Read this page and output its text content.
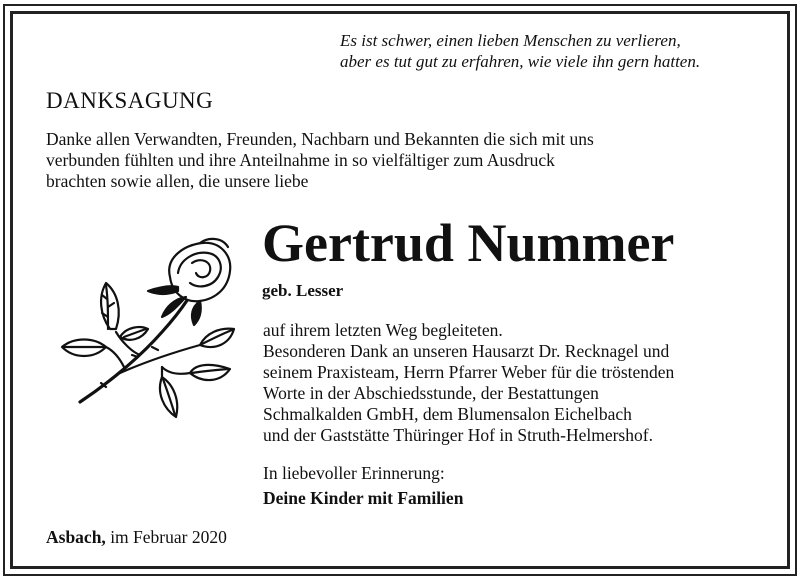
Es ist schwer, einen lieben Menschen zu verlieren,
aber es tut gut zu erfahren, wie viele ihn gern hatten.
DANKSAGUNG
Danke allen Verwandten, Freunden, Nachbarn und Bekannten die sich mit uns
verbunden fühlten und ihre Anteilnahme in so vielfältiger zum Ausdruck
brachten sowie allen, die unsere liebe
Gertrud Nummer
geb. Lesser
auf ihrem letzten Weg begleiteten.
Besonderen Dank an unseren Hausarzt Dr. Recknagel und
seinem Praxisteam, Herrn Pfarrer Weber für die tröstenden
Worte in der Abschiedsstunde, der Bestattungen
Schmalkalden GmbH, dem Blumensalon Eichelbach
und der Gaststätte Thüringer Hof in Struth-Helmershof.
In liebevoller Erinnerung:
Deine Kinder mit Familien
Asbach, im Februar 2020
